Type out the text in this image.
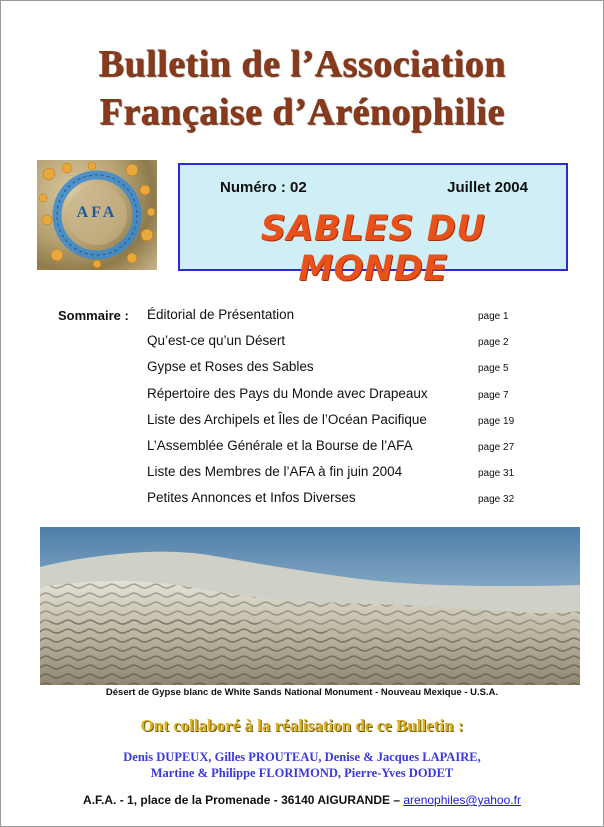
Bulletin de l’Association
Française d’Arénophilie
AFA
Numéro : 02	Juillet 2004
SABLES DU MONDE
Sommaire : Éditorial de Présentation	page 1
Qu’est-ce qu’un Désert	page 2
Gypse et Roses des Sables	page 5
Répertoire des Pays du Monde avec Drapeaux	page 7
Liste des Archipels et Îles de l’Océan Pacifique	page 19
L’Assemblée Générale et la Bourse de l’AFA	page 27
Liste des Membres de l’AFA à fin juin 2004	page 31
Petites Annonces et Infos Diverses	page 32
Désert de Gypse blanc de White Sands National Monument - Nouveau Mexique - U.S.A.
Ont collaboré à la réalisation de ce Bulletin :
Denis DUPEUX, Gilles PROUTEAU, Denise & Jacques LAPAIRE,
Martine & Philippe FLORIMOND, Pierre-Yves DODET
A.F.A. - 1, place de la Promenade - 36140 AIGURANDE – arenophiles@yahoo.fr
